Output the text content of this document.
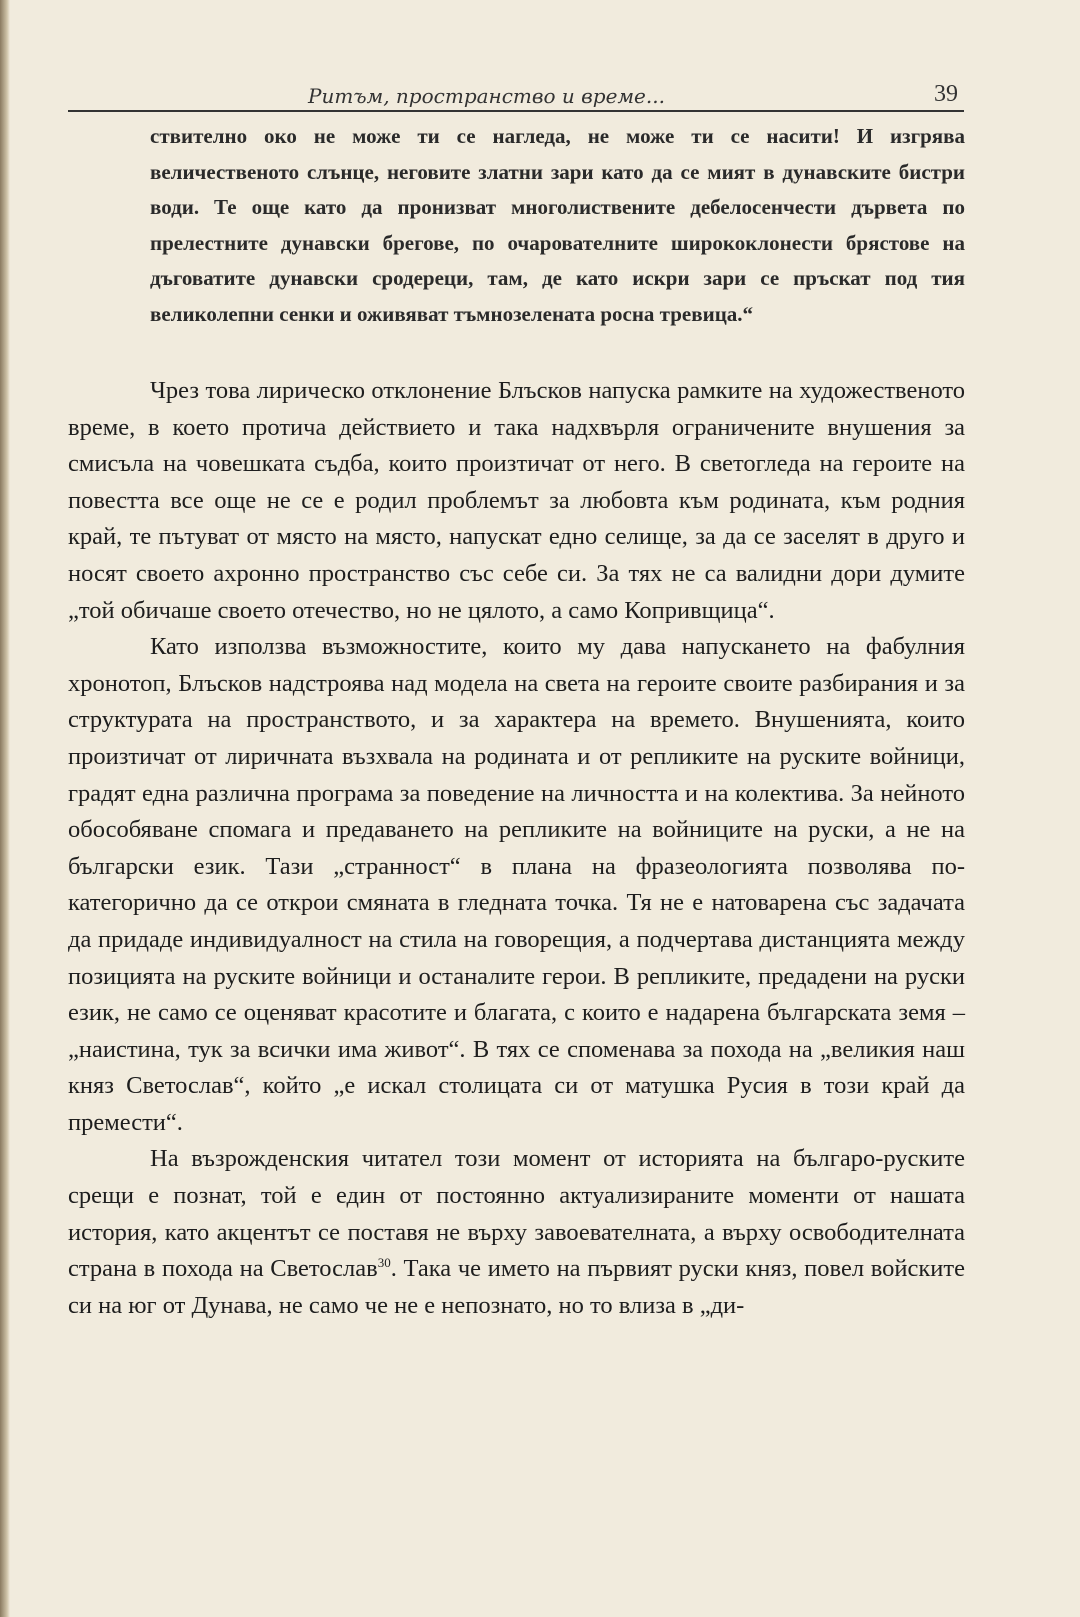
Ритъм, пространство и време...	39

ствително око не може ти се нагледа, не може ти се насити! И изгрява величественото слънце, неговите златни зари като да се мият в дунавските бистри води. Те още като да пронизват многолиствените дебелосенчести дървета по прелестните дунавски брегове, по очарователните ширококлонести брястове на дъговатите дунавски сродереци, там, де като искри зари се пръскат под тия великолепни сенки и оживяват тъмнозелената росна тревица.“

Чрез това лирическо отклонение Блъсков напуска рамките на художественото време, в което протича действието и така надхвърля ограничените внушения за смисъла на човешката съдба, които произтичат от него. В светогледа на героите на повестта все още не се е родил проблемът за любовта към родината, към родния край, те пътуват от място на място, напускат едно селище, за да се заселят в друго и носят своето ахронно пространство със себе си. За тях не са валидни дори думите „той обичаше своето отечество, но не цялото, а само Копривщица“.

Като използва възможностите, които му дава напускането на фабулния хронотоп, Блъсков надстроява над модела на света на героите своите разбирания и за структурата на пространството, и за характера на времето. Внушенията, които произтичат от лиричната възхвала на родината и от репликите на руските войници, градят една различна програма за поведение на личността и на колектива. За нейното обособяване спомага и предаването на репликите на войниците на руски, а не на български език. Тази „странност“ в плана на фразеологията позволява по-категорично да се открои смяната в гледната точка. Тя не е натоварена със задачата да придаде индивидуалност на стила на говорещия, а подчертава дистанцията между позицията на руските войници и останалите герои. В репликите, предадени на руски език, не само се оценяват красотите и благата, с които е надарена българската земя – „наистина, тук за всички има живот“. В тях се споменава за похода на „великия наш княз Светослав“, който „е искал столицата си от матушка Русия в този край да премести“.

На възрожденския читател този момент от историята на българо-руските срещи е познат, той е един от постоянно актуализираните моменти от нашата история, като акцентът се поставя не върху завоевателната, а върху освободителната страна в похода на Светослав$^{30}$. Така че името на първият руски княз, повел войските си на юг от Дунава, не само че не е непознато, но то влиза в „ди-
